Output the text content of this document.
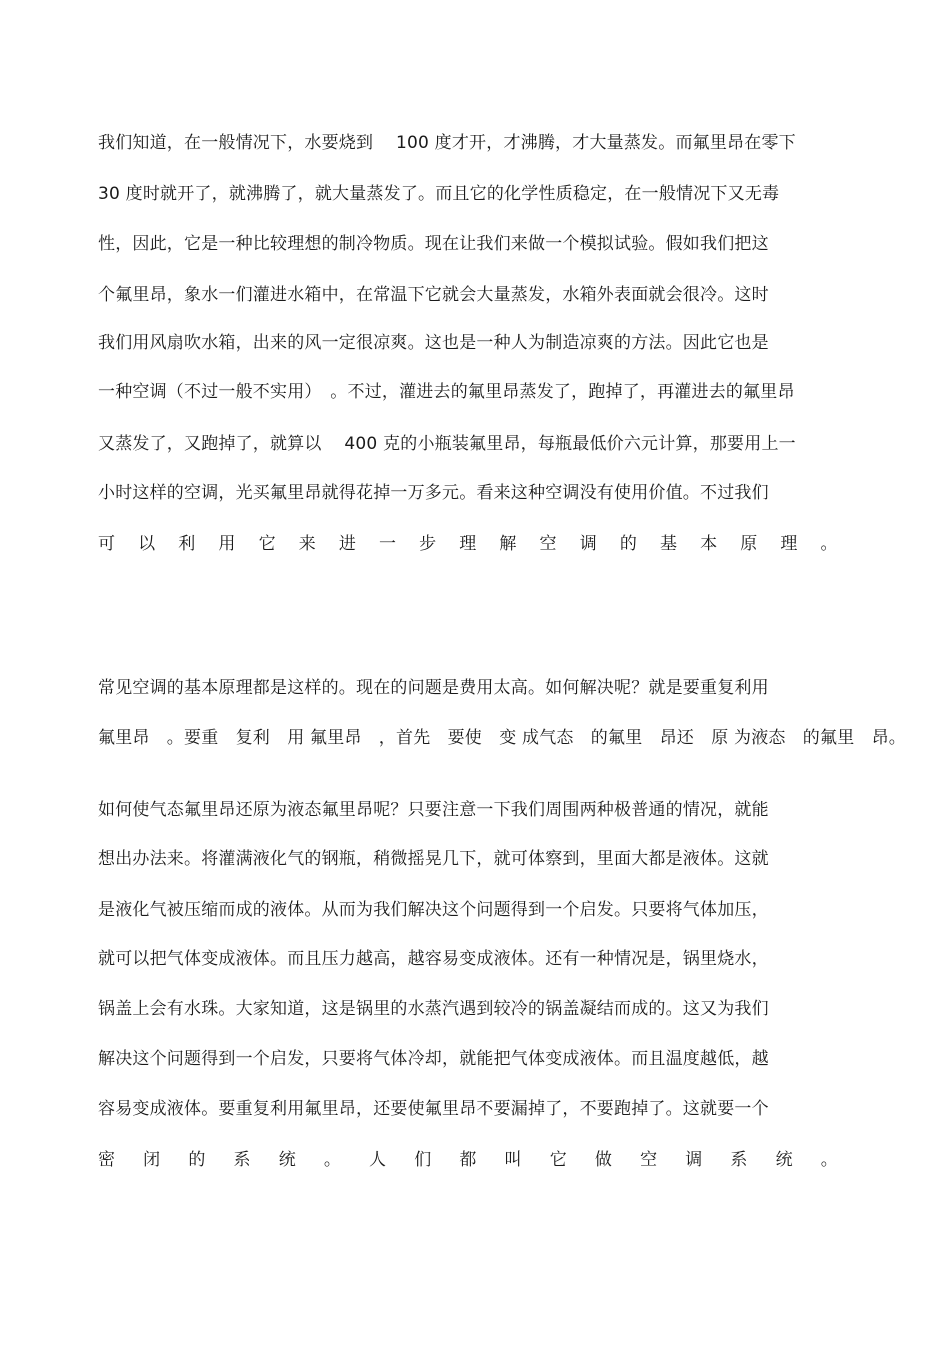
我们知道，在一般情况下，水要烧到　 100 度才开，才沸腾，才大量蒸发。而氟里昂在零下
30 度时就开了，就沸腾了，就大量蒸发了。而且它的化学性质稳定，在一般情况下又无毒
性，因此，它是一种比较理想的制冷物质。现在让我们来做一个模拟试验。假如我们把这
个氟里昂，象水一们灌进水箱中，在常温下它就会大量蒸发，水箱外表面就会很冷。这时
我们用风扇吹水箱，出来的风一定很凉爽。这也是一种人为制造凉爽的方法。因此它也是
一种空调（不过一般不实用）　。不过，灌进去的氟里昂蒸发了，跑掉了，再灌进去的氟里昂
又蒸发了，又跑掉了，就算以　 400 克的小瓶装氟里昂，每瓶最低价六元计算，那要用上一
小时这样的空调，光买氟里昂就得花掉一万多元。看来这种空调没有使用价值。不过我们
可 以 利 用 它 来 进 一 步 理 解 空 调 的 基 本 原 理 。
常见空调的基本原理都是这样的。现在的问题是费用太高。如何解决呢？就是要重复利用
氟里昂　。要重　复利　用 氟里昂　，首先　要使　变 成气态　的氟里　昂还　原 为液态　的氟里　昂。
如何使气态氟里昂还原为液态氟里昂呢？只要注意一下我们周围两种极普通的情况，就能
想出办法来。将灌满液化气的钢瓶，稍微摇晃几下，就可体察到，里面大都是液体。这就
是液化气被压缩而成的液体。从而为我们解决这个问题得到一个启发。只要将气体加压，
就可以把气体变成液体。而且压力越高，越容易变成液体。还有一种情况是，锅里烧水，
锅盖上会有水珠。大家知道，这是锅里的水蒸汽遇到较冷的锅盖凝结而成的。这又为我们
解决这个问题得到一个启发，只要将气体冷却，就能把气体变成液体。而且温度越低，越
容易变成液体。要重复利用氟里昂，还要使氟里昂不要漏掉了，不要跑掉了。这就要一个
密 闭 的 系 统 。 人 们 都 叫 它 做 空 调 系 统 。
